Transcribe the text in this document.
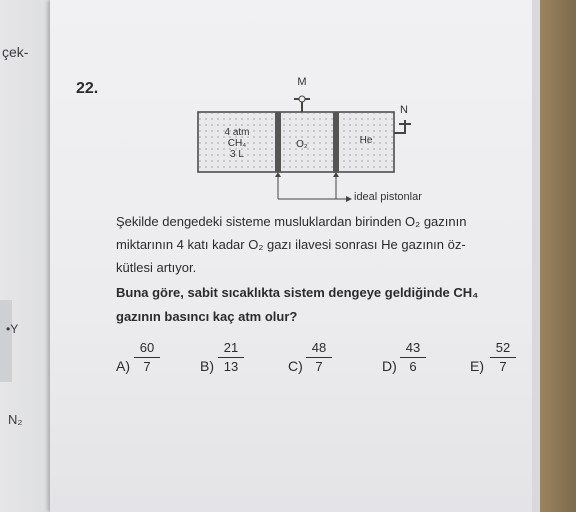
çek-
•Y
N₂
22.	M
N
4 atm
CH₄
3 L
O₂	He
ideal pistonlar
Şekilde dengedeki sisteme musluklardan birinden O₂ gazının
miktarının 4 katı kadar O₂ gazı ilavesi sonrası He gazının öz-
kütlesi artıyor.
Buna göre, sabit sıcaklıkta sistem dengeye geldiğinde CH₄
gazının basıncı kaç atm olur?
$A) \frac{60}{7}$	$B) \frac{21}{13}$	$C) \frac{48}{7}$	$D) \frac{43}{6}$	$E) \frac{52}{7}$
